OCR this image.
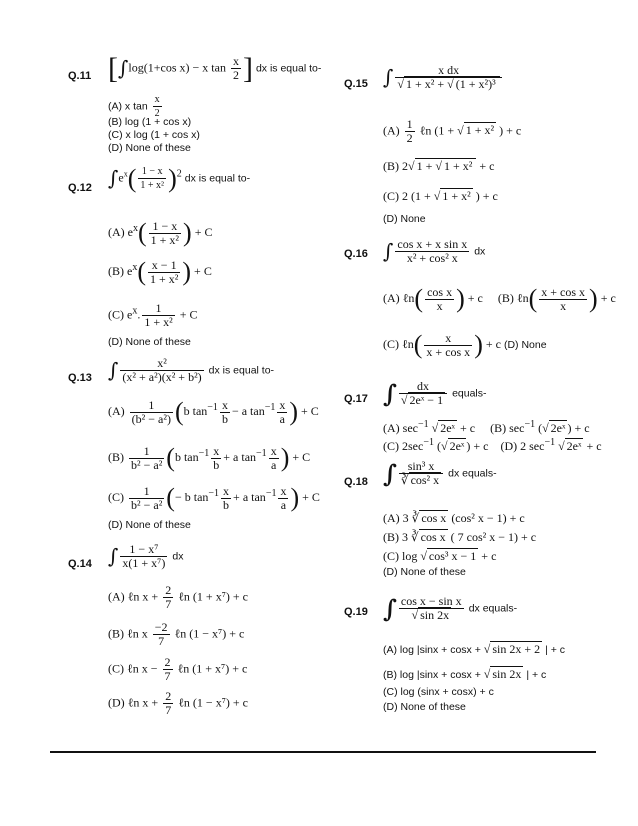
Q.11 [∫log(1+cos x) − x $\tan \frac{x}{2}$ ] dx is equal to-
(A) x $\tan \frac{x}{2}$
(B) log (1 + cos x)
(C) x log (1 + cos x)
(D) None of these
Q.12 $\int e^x( \frac{1 - x}{\text{1 + x²}} )^2$ dx is equal to-
(A) $e^x( \frac{1 - x}{\text{1 + x²}}$ ) + C
(B) $e^x( \frac{x - 1}{\text{1 + x²}}$ ) + C
(C) $e^x$. $\frac{1}{\text{1 + x²}} + C$
(D) None of these
Q.13 ∫ $\frac{\text{x²}}{\text{(x² + a²)(x² + b²)}}$ dx is equal to-
$(A) \frac{1}{\text{(b² − a²)}} (b$ $\tan^{-1} \frac{x}{b} - a$ $\tan^{-1} \frac{x}{a}$ ) + C
$(B) \frac{1}{\text{b² − a²}} (b$ $\tan^{-1} \frac{x}{b} + a$ $\tan^{-1} \frac{x}{a}$ ) + C
$(C) \frac{1}{\text{b² − a²}}$ (− b $\tan^{-1} \frac{x}{b} + a$ $\tan^{-1} \frac{x}{a}$ ) + C
(D) None of these
Q.14 ∫ $\frac{\text{1 − x⁷}}{\text{x(1 + x⁷)}}$ dx
(A) ℓn $x + \frac{2}{7}$ ℓn (1 + x⁷) + c
(B) ℓn x $\frac{-2}{7}$ ℓn (1 − x⁷) + c
(C) ℓn $x - \frac{2}{7}$ ℓn (1 + x⁷) + c
(D) ℓn $x + \frac{2}{7}$ ℓn (1 − x⁷) + c
Q.15 ∫ $\frac{\text{x dx}}{\text{√ 1 + x² + √ (1 + x²)³}}$
$(A) \frac{1}{2}$ ℓn (1 + √ 1 + x² ) + c
(B) 2√ 1 + √ 1 + x² + c
(C) 2 (1 + √ 1 + x² ) + c
(D) None
Q.16 ∫ $\frac{\text{cos x + x sin x}}{\text{x² + cos² x}}$ dx
(A) ℓn( $\frac{\text{cos x}}{x}$ ) + c     (B) ℓn( $\frac{\text{x + cos x}}{x}$ ) + c
(C) ℓn( $\frac{x}{\text{x + cos x}}$ ) + c (D) None
Q.17 ∫ $\frac{dx}{\text{√ 2eˣ − 1}}$ equals-
(A) $\sec^{-1}$ √ 2eˣ + c     (B) $\sec^{-1}$ (√ 2eˣ ) + c
(C) $2\sec^{-1}$ (√ 2eˣ ) + c    (D) 2 $\sec^{-1}$ √ 2eˣ + c
Q.18 ∫ $\frac{\text{sin³ x}}{\text{∛ cos² x}}$ dx equals-
(A) 3 ∛ cos x (cos² x − 1) + c
(B) 3 ∛ cos x ( 7 cos² x − 1) + c
(C) log √ cos³ x − 1 + c
(D) None of these
Q.19 ∫ $\frac{\text{cos x − sin x}}{√ \sin 2x}$ dx equals-
(A) log |sinx + cosx + √ sin 2x + 2 | + c
(B) log |sinx + cosx + √ sin 2x | + c
(C) log (sinx + cosx) + c
(D) None of these
